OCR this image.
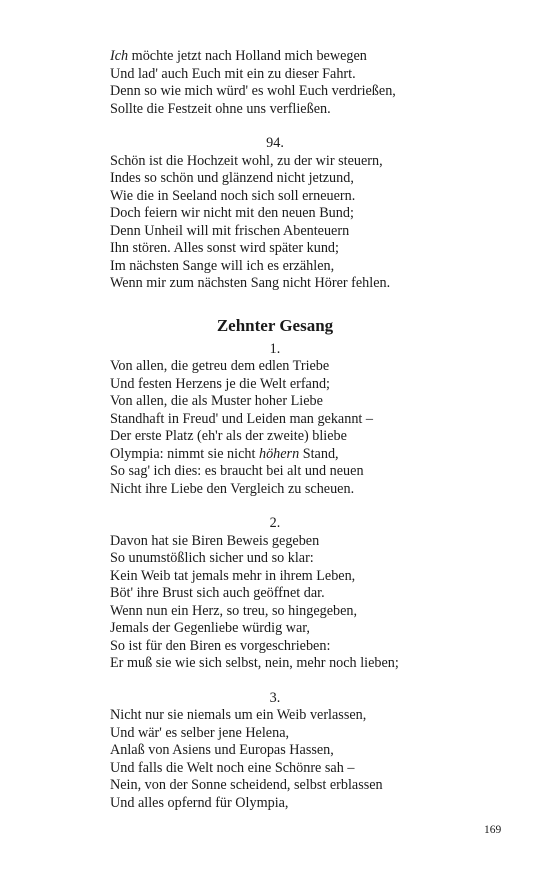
Ich möchte jetzt nach Holland mich bewegen
Und lad' auch Euch mit ein zu dieser Fahrt.
Denn so wie mich würd' es wohl Euch verdrießen,
Sollte die Festzeit ohne uns verfließen.
94.
Schön ist die Hochzeit wohl, zu der wir steuern,
Indes so schön und glänzend nicht jetzund,
Wie die in Seeland noch sich soll erneuern.
Doch feiern wir nicht mit den neuen Bund;
Denn Unheil will mit frischen Abenteuern
Ihn stören. Alles sonst wird später kund;
Im nächsten Sange will ich es erzählen,
Wenn mir zum nächsten Sang nicht Hörer fehlen.
Zehnter Gesang
1.
Von allen, die getreu dem edlen Triebe
Und festen Herzens je die Welt erfand;
Von allen, die als Muster hoher Liebe
Standhaft in Freud' und Leiden man gekannt –
Der erste Platz (eh'r als der zweite) bliebe
Olympia: nimmt sie nicht höhern Stand,
So sag' ich dies: es braucht bei alt und neuen
Nicht ihre Liebe den Vergleich zu scheuen.
2.
Davon hat sie Biren Beweis gegeben
So unumstößlich sicher und so klar:
Kein Weib tat jemals mehr in ihrem Leben,
Böt' ihre Brust sich auch geöffnet dar.
Wenn nun ein Herz, so treu, so hingegeben,
Jemals der Gegenliebe würdig war,
So ist für den Biren es vorgeschrieben:
Er muß sie wie sich selbst, nein, mehr noch lieben;
3.
Nicht nur sie niemals um ein Weib verlassen,
Und wär' es selber jene Helena,
Anlaß von Asiens und Europas Hassen,
Und falls die Welt noch eine Schönre sah –
Nein, von der Sonne scheidend, selbst erblassen
Und alles opfernd für Olympia,
169
